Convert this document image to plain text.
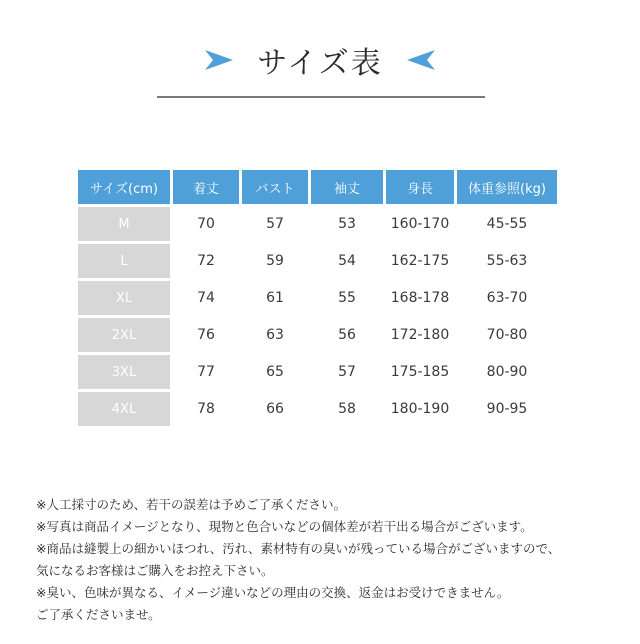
サイズ表
サイズ(cm)	着丈	バスト	袖丈	身長	体重参照(kg)
M	70	57	53	160-170	45-55
L	72	59	54	162-175	55-63
XL	74	61	55	168-178	63-70
2XL	76	63	56	172-180	70-80
3XL	77	65	57	175-185	80-90
4XL	78	66	58	180-190	90-95
※人工採寸のため、若干の誤差は予めご了承ください。
※写真は商品イメージとなり、現物と色合いなどの個体差が若干出る場合がございます。
※商品は縫製上の細かいほつれ、汚れ、素材特有の臭いが残っている場合がございますので、
気になるお客様はご購入をお控え下さい。
※臭い、色味が異なる、イメージ違いなどの理由の交換、返金はお受けできません。
ご了承くださいませ。
